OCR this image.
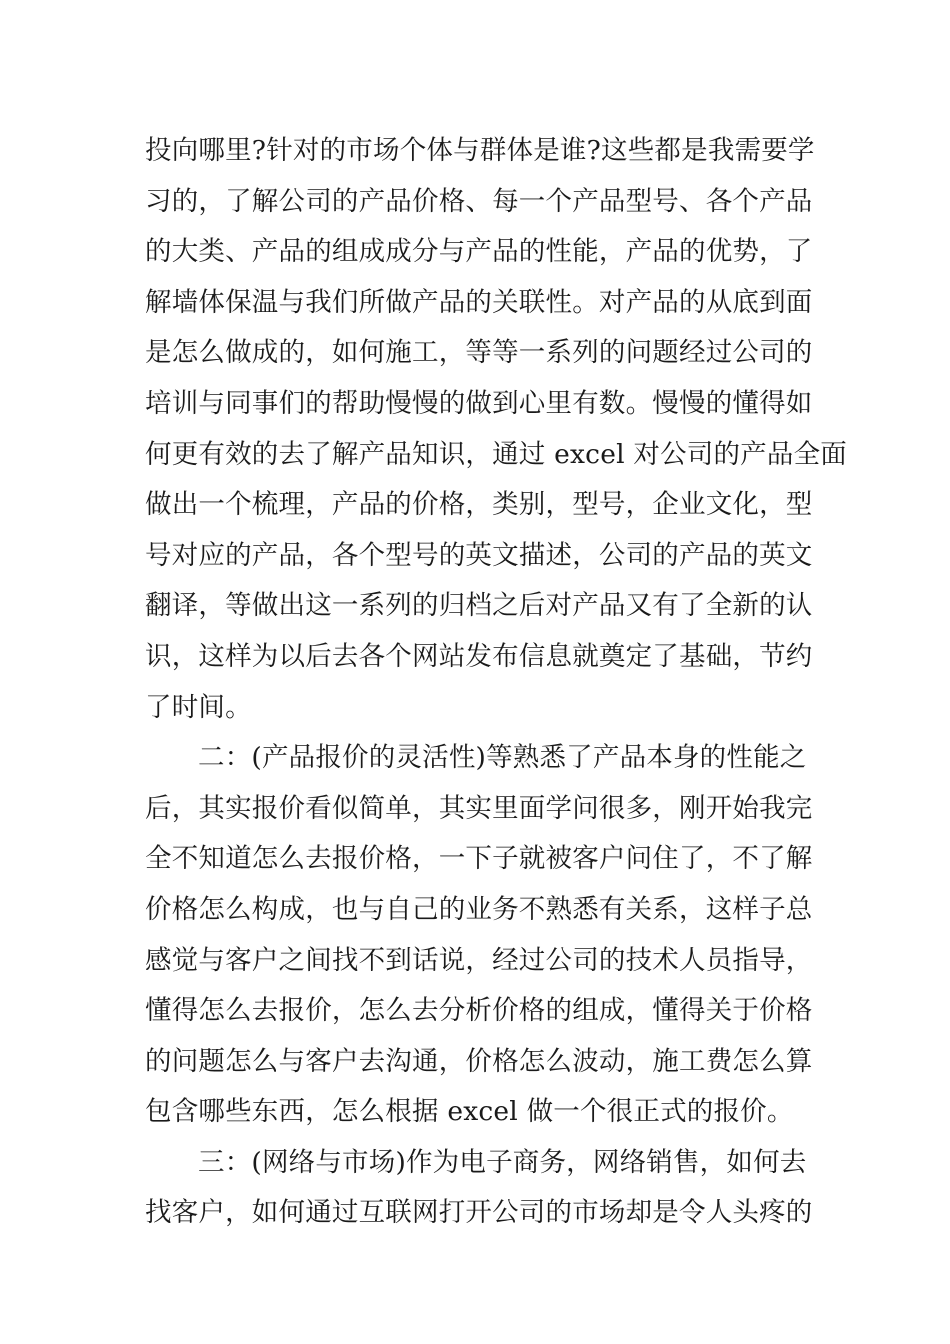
投向哪里?针对的市场个体与群体是谁?这些都是我需要学
习的，了解公司的产品价格、每一个产品型号、各个产品
的大类、产品的组成成分与产品的性能，产品的优势，了
解墙体保温与我们所做产品的关联性。对产品的从底到面
是怎么做成的，如何施工，等等一系列的问题经过公司的
培训与同事们的帮助慢慢的做到心里有数。慢慢的懂得如
何更有效的去了解产品知识，通过 excel 对公司的产品全面
做出一个梳理，产品的价格，类别，型号，企业文化，型
号对应的产品，各个型号的英文描述，公司的产品的英文
翻译，等做出这一系列的归档之后对产品又有了全新的认
识，这样为以后去各个网站发布信息就奠定了基础，节约
了时间。
二：(产品报价的灵活性)等熟悉了产品本身的性能之
后，其实报价看似简单，其实里面学问很多，刚开始我完
全不知道怎么去报价格，一下子就被客户问住了，不了解
价格怎么构成，也与自己的业务不熟悉有关系，这样子总
感觉与客户之间找不到话说，经过公司的技术人员指导，
懂得怎么去报价，怎么去分析价格的组成，懂得关于价格
的问题怎么与客户去沟通，价格怎么波动，施工费怎么算
包含哪些东西，怎么根据 excel 做一个很正式的报价。
三：(网络与市场)作为电子商务，网络销售，如何去
找客户，如何通过互联网打开公司的市场却是令人头疼的
